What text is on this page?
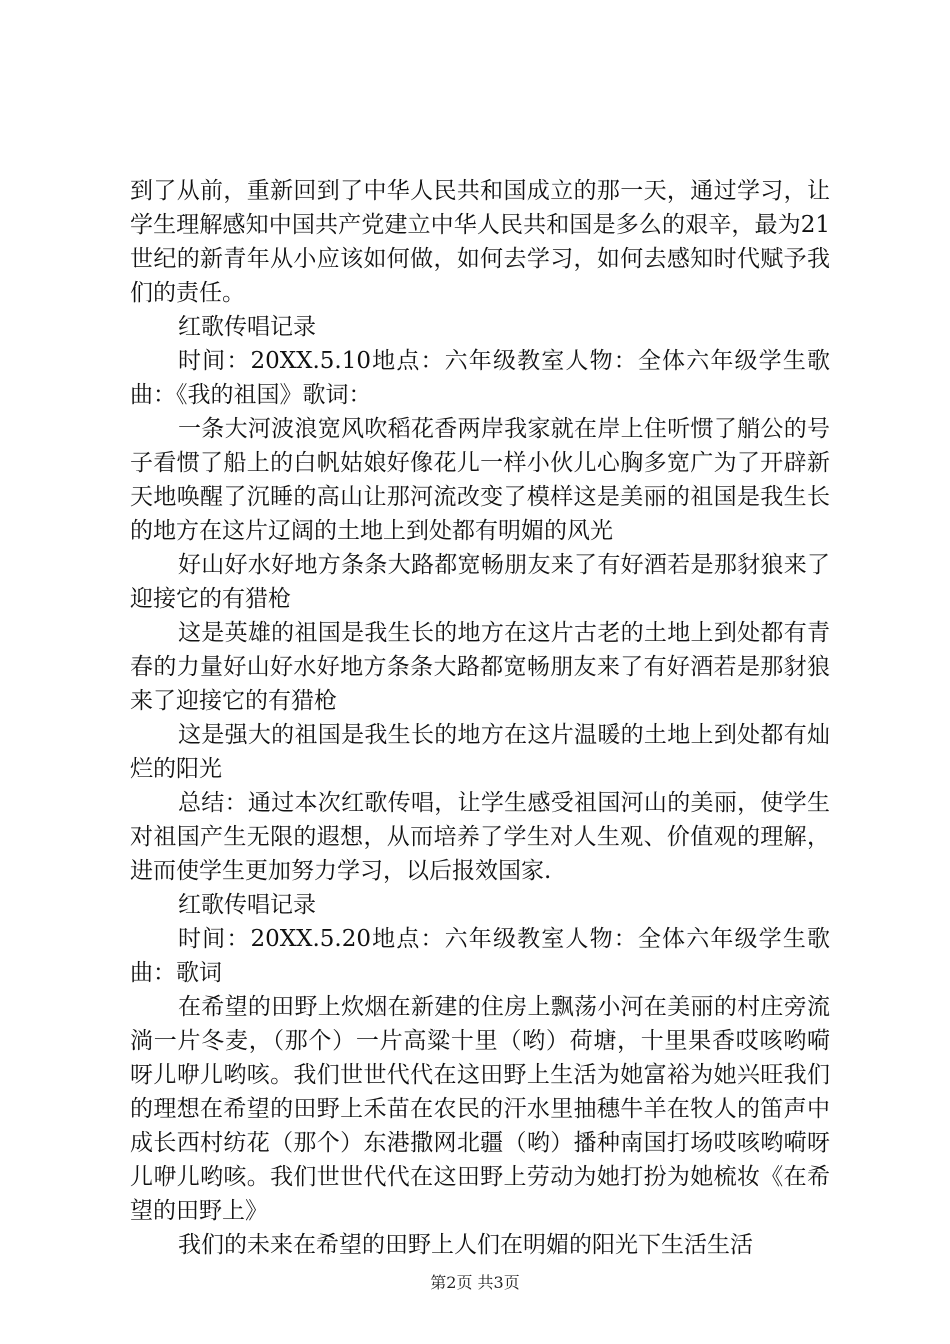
到了从前，重新回到了中华人民共和国成立的那一天，通过学习，让学生理解感知中国共产党建立中华人民共和国是多么的艰辛，最为21世纪的新青年从小应该如何做，如何去学习，如何去感知时代赋予我们的责任。

红歌传唱记录

时间：20XX.5.10地点：六年级教室人物：全体六年级学生歌曲：《我的祖国》歌词：

一条大河波浪宽风吹稻花香两岸我家就在岸上住听惯了艄公的号子看惯了船上的白帆姑娘好像花儿一样小伙儿心胸多宽广为了开辟新天地唤醒了沉睡的高山让那河流改变了模样这是美丽的祖国是我生长的地方在这片辽阔的土地上到处都有明媚的风光

好山好水好地方条条大路都宽畅朋友来了有好酒若是那豺狼来了迎接它的有猎枪

这是英雄的祖国是我生长的地方在这片古老的土地上到处都有青春的力量好山好水好地方条条大路都宽畅朋友来了有好酒若是那豺狼来了迎接它的有猎枪

这是强大的祖国是我生长的地方在这片温暖的土地上到处都有灿烂的阳光

总结：通过本次红歌传唱，让学生感受祖国河山的美丽，使学生对祖国产生无限的遐想，从而培养了学生对人生观、价值观的理解，进而使学生更加努力学习，以后报效国家.

红歌传唱记录

时间：20XX.5.20地点：六年级教室人物：全体六年级学生歌曲：歌词

在希望的田野上炊烟在新建的住房上飘荡小河在美丽的村庄旁流淌一片冬麦，（那个）一片高粱十里（哟）荷塘，十里果香哎咳哟嗬呀儿咿儿哟咳。我们世世代代在这田野上生活为她富裕为她兴旺我们的理想在希望的田野上禾苗在农民的汗水里抽穗牛羊在牧人的笛声中成长西村纺花（那个）东港撒网北疆（哟）播种南国打场哎咳哟嗬呀儿咿儿哟咳。我们世世代代在这田野上劳动为她打扮为她梳妆《在希望的田野上》

我们的未来在希望的田野上人们在明媚的阳光下生活生活

第2页 共3页
